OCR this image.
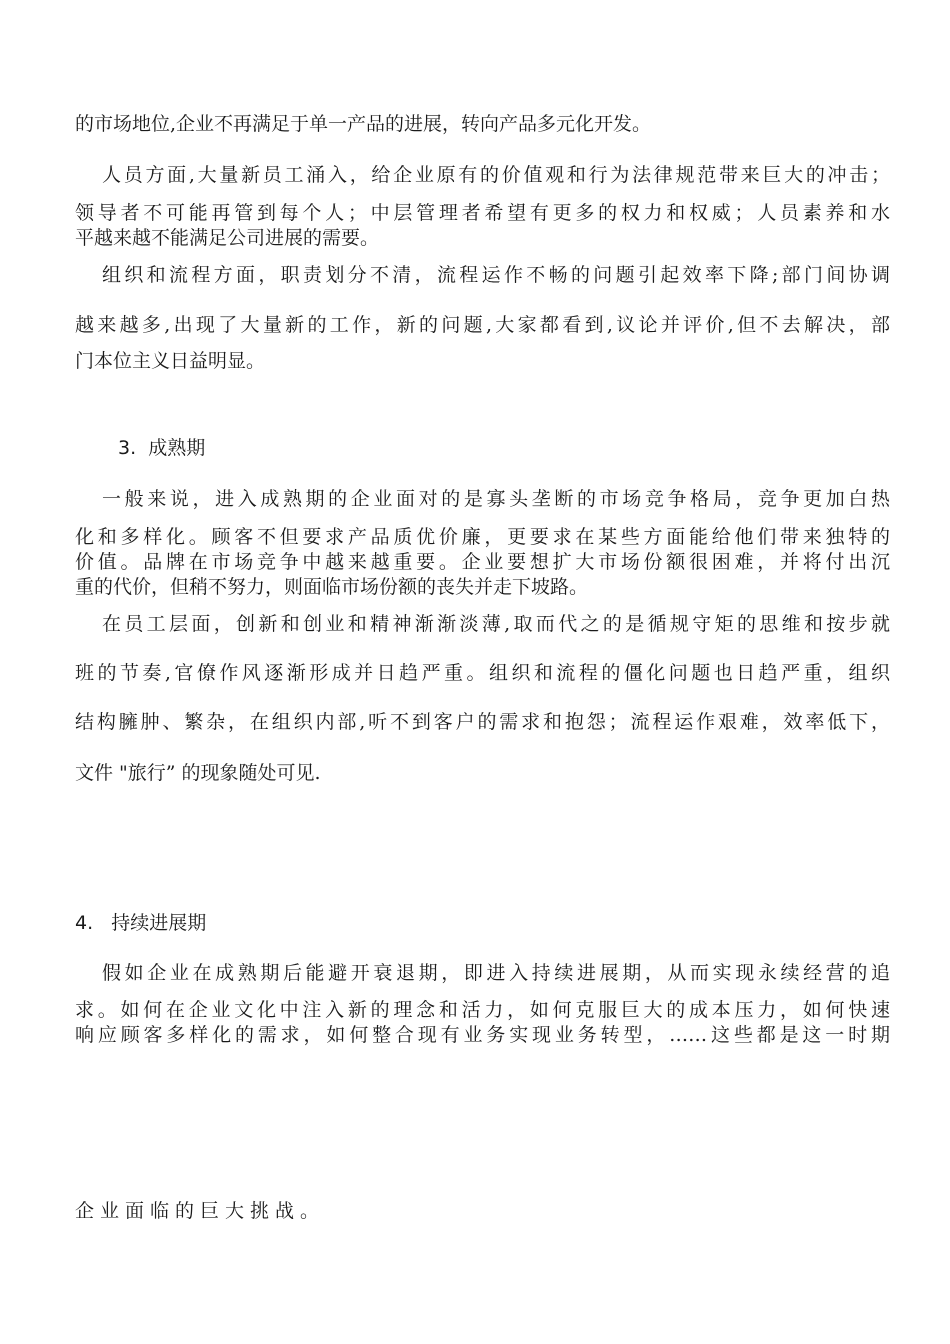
的市场地位,企业不再满足于单一产品的进展，转向产品多元化开发。
人员方面,大量新员工涌入，给企业原有的价值观和行为法律规范带来巨大的冲击；
领导者不可能再管到每个人；中层管理者希望有更多的权力和权威；人员素养和水
平越来越不能满足公司进展的需要。
组织和流程方面，职责划分不清，流程运作不畅的问题引起效率下降;部门间协调
越来越多,出现了大量新的工作，新的问题,大家都看到,议论并评价,但不去解决，部
门本位主义日益明显。
3. 成熟期
一般来说，进入成熟期的企业面对的是寡头垄断的市场竞争格局，竞争更加白热
化和多样化。顾客不但要求产品质优价廉，更要求在某些方面能给他们带来独特的
价值。品牌在市场竞争中越来越重要。企业要想扩大市场份额很困难，并将付出沉
重的代价，但稍不努力，则面临市场份额的丧失并走下坡路。
在员工层面，创新和创业和精神渐渐淡薄,取而代之的是循规守矩的思维和按步就
班的节奏,官僚作风逐渐形成并日趋严重。组织和流程的僵化问题也日趋严重，组织
结构臃肿、繁杂，在组织内部,听不到客户的需求和抱怨；流程运作艰难，效率低下，
文件 "旅行” 的现象随处可见.
4. 持续进展期
假如企业在成熟期后能避开衰退期，即进入持续进展期，从而实现永续经营的追
求。如何在企业文化中注入新的理念和活力，如何克服巨大的成本压力，如何快速
响应顾客多样化的需求，如何整合现有业务实现业务转型，……这些都是这一时期
企业面临的巨大挑战。
